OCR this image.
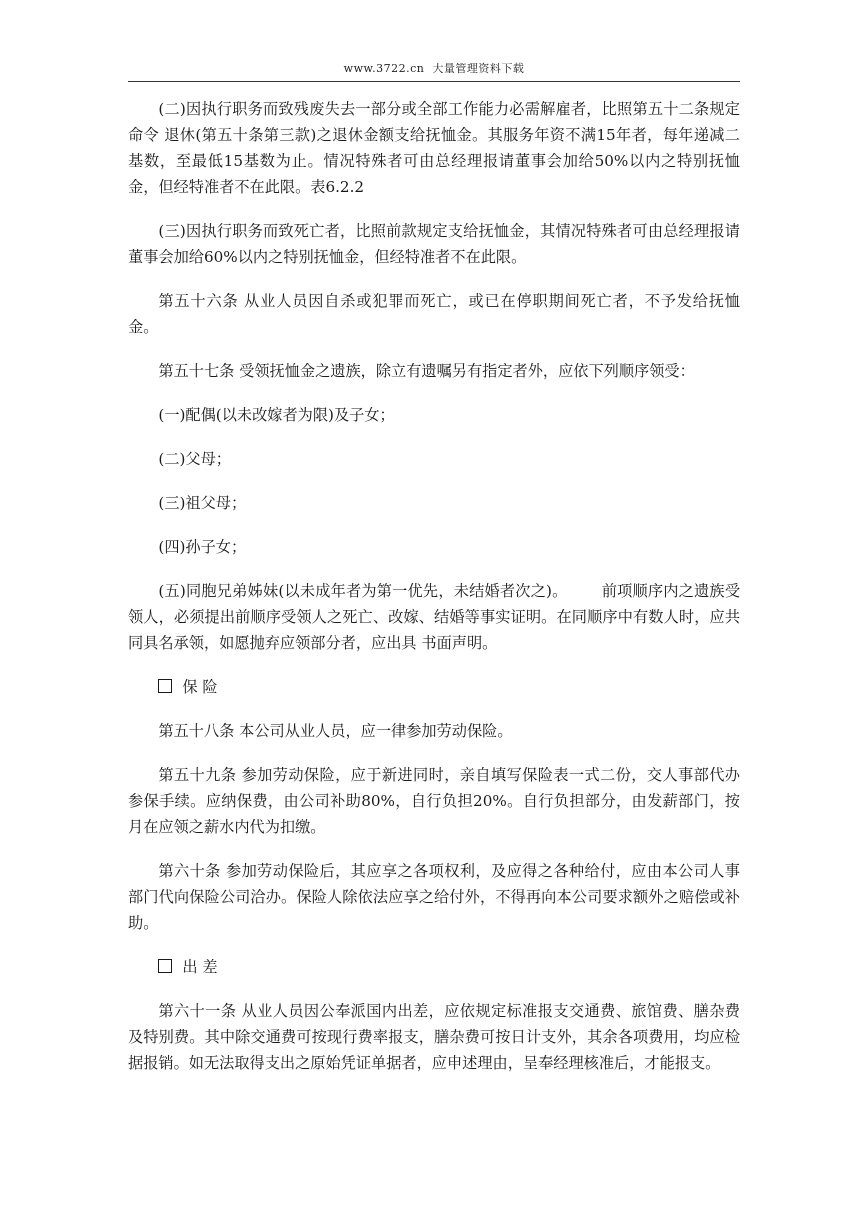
www.3722.cn 大量管理资料下载

(二)因执行职务而致残废失去一部分或全部工作能力必需解雇者，比照第五十二条规定命令 退休(第五十条第三款)之退休金额支给抚恤金。其服务年资不满15年者，每年递减二基数，至最低15基数为止。情况特殊者可由总经理报请董事会加给50%以内之特别抚恤金，但经特准者不在此限。表6.2.2

(三)因执行职务而致死亡者，比照前款规定支给抚恤金，其情况特殊者可由总经理报请董事会加给60%以内之特别抚恤金，但经特准者不在此限。

第五十六条 从业人员因自杀或犯罪而死亡，或已在停职期间死亡者，不予发给抚恤金。

第五十七条 受领抚恤金之遗族，除立有遗嘱另有指定者外，应依下列顺序领受：

(一)配偶(以未改嫁者为限)及子女；

(二)父母；

(三)祖父母；

(四)孙子女；

(五)同胞兄弟姊妹(以未成年者为第一优先，未结婚者次之)。 前项顺序内之遗族受领人，必须提出前顺序受领人之死亡、改嫁、结婚等事实证明。在同顺序中有数人时，应共同具名承领，如愿抛弃应领部分者，应出具 书面声明。

保 险

第五十八条 本公司从业人员，应一律参加劳动保险。

第五十九条 参加劳动保险，应于新进同时，亲自填写保险表一式二份，交人事部代办参保手续。应纳保费，由公司补助80%，自行负担20%。自行负担部分，由发薪部门，按月在应领之薪水内代为扣缴。

第六十条 参加劳动保险后，其应享之各项权利，及应得之各种给付，应由本公司人事部门代向保险公司洽办。保险人除依法应享之给付外，不得再向本公司要求额外之赔偿或补助。

出 差

第六十一条 从业人员因公奉派国内出差，应依规定标准报支交通费、旅馆费、膳杂费及特别费。其中除交通费可按现行费率报支，膳杂费可按日计支外，其余各项费用，均应检据报销。如无法取得支出之原始凭证单据者，应申述理由，呈奉经理核准后，才能报支。
